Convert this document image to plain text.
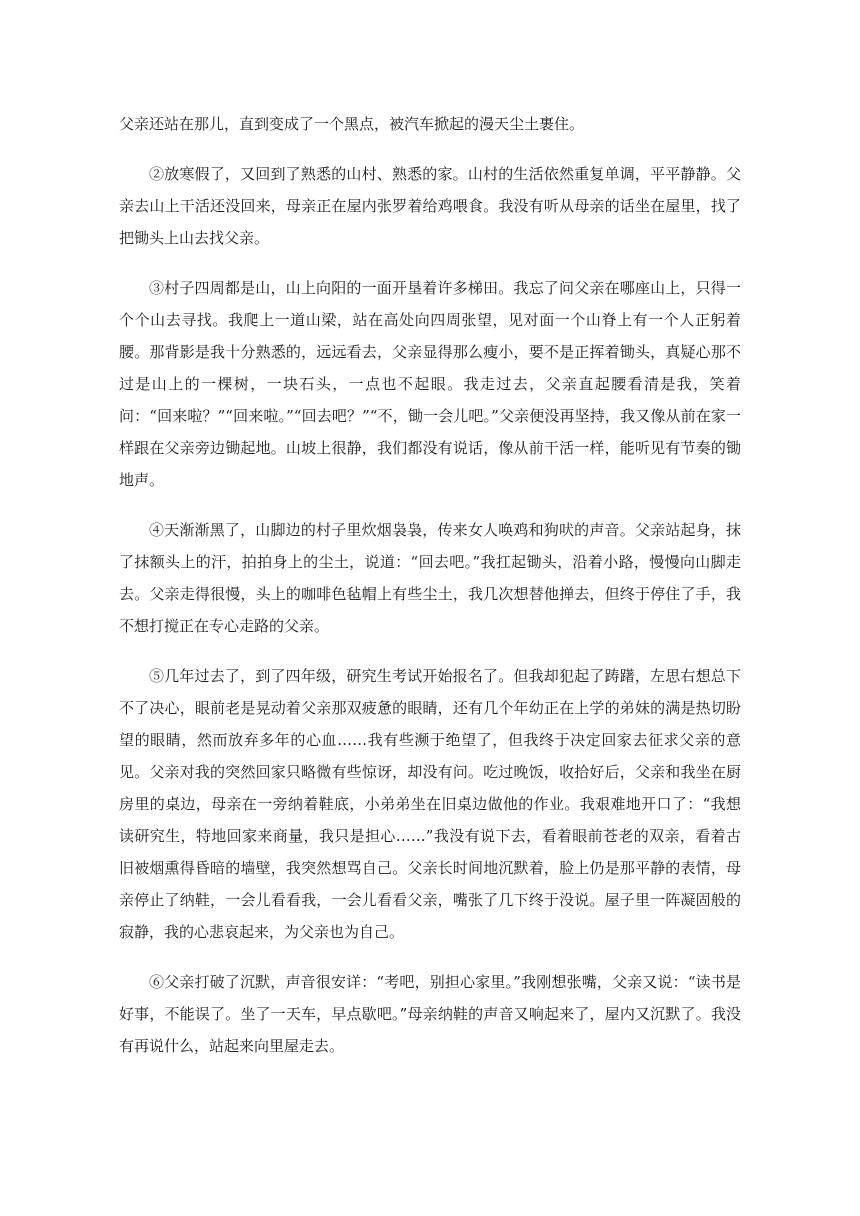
父亲还站在那儿，直到变成了一个黑点，被汽车掀起的漫天尘土裹住。

②放寒假了，又回到了熟悉的山村、熟悉的家。山村的生活依然重复单调，平平静静。父亲去山上干活还没回来，母亲正在屋内张罗着给鸡喂食。我没有听从母亲的话坐在屋里，找了把锄头上山去找父亲。

③村子四周都是山，山上向阳的一面开垦着许多梯田。我忘了问父亲在哪座山上，只得一个个山去寻找。我爬上一道山梁，站在高处向四周张望，见对面一个山脊上有一个人正躬着腰。那背影是我十分熟悉的，远远看去，父亲显得那么瘦小，要不是正挥着锄头，真疑心那不过是山上的一棵树，一块石头，一点也不起眼。我走过去，父亲直起腰看清是我，笑着问：“回来啦？”“回来啦。”“回去吧？”“不，锄一会儿吧。”父亲便没再坚持，我又像从前在家一样跟在父亲旁边锄起地。山坡上很静，我们都没有说话，像从前干活一样，能听见有节奏的锄地声。

④天渐渐黑了，山脚边的村子里炊烟袅袅，传来女人唤鸡和狗吠的声音。父亲站起身，抹了抹额头上的汗，拍拍身上的尘土，说道：“回去吧。”我扛起锄头，沿着小路，慢慢向山脚走去。父亲走得很慢，头上的咖啡色毡帽上有些尘土，我几次想替他掸去，但终于停住了手，我不想打搅正在专心走路的父亲。

⑤几年过去了，到了四年级，研究生考试开始报名了。但我却犯起了踌躇，左思右想总下不了决心，眼前老是晃动着父亲那双疲惫的眼睛，还有几个年幼正在上学的弟妹的满是热切盼望的眼睛，然而放弃多年的心血……我有些濒于绝望了，但我终于决定回家去征求父亲的意见。父亲对我的突然回家只略微有些惊讶，却没有问。吃过晚饭，收拾好后，父亲和我坐在厨房里的桌边，母亲在一旁纳着鞋底，小弟弟坐在旧桌边做他的作业。我艰难地开口了：“我想读研究生，特地回家来商量，我只是担心……”我没有说下去，看着眼前苍老的双亲，看着古旧被烟熏得昏暗的墙壁，我突然想骂自己。父亲长时间地沉默着，脸上仍是那平静的表情，母亲停止了纳鞋，一会儿看看我，一会儿看看父亲，嘴张了几下终于没说。屋子里一阵凝固般的寂静，我的心悲哀起来，为父亲也为自己。

⑥父亲打破了沉默，声音很安详：“考吧，别担心家里。”我刚想张嘴，父亲又说：“读书是好事，不能误了。坐了一天车，早点歇吧。”母亲纳鞋的声音又响起来了，屋内又沉默了。我没有再说什么，站起来向里屋走去。
